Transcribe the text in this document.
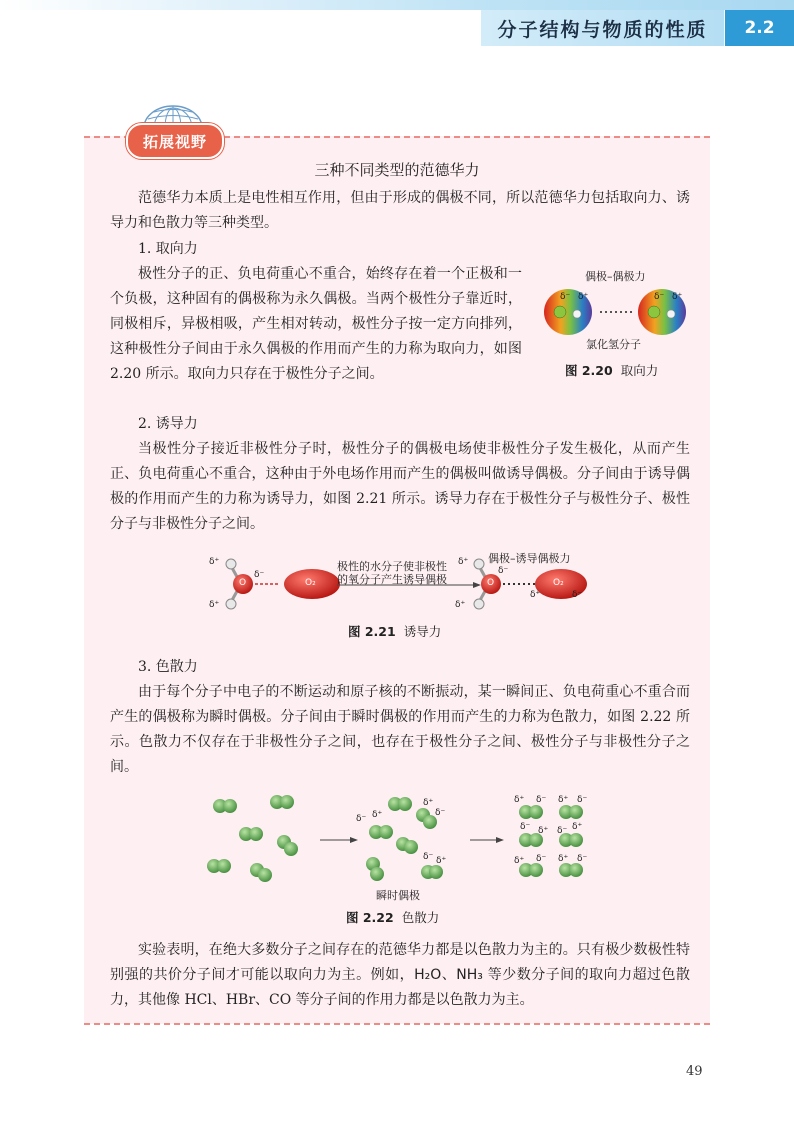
分子结构与物质的性质	2.2
拓展视野
三种不同类型的范德华力

范德华力本质上是电性相互作用，但由于形成的偶极不同，所以范德华力包括取向力、诱导力和色散力等三种类型。

1. 取向力

极性分子的正、负电荷重心不重合，始终存在着一个正极和一个负极，这种固有的偶极称为永久偶极。当两个极性分子靠近时，同极相斥，异极相吸，产生相对转动，极性分子按一定方向排列，这种极性分子间由于永久偶极的作用而产生的力称为取向力，如图 2.20 所示。取向力只存在于极性分子之间。

偶极–偶极力
δ⁻ δ⁺	δ⁻ δ⁺
氯化氢分子
图 2.20 取向力

2. 诱导力

当极性分子接近非极性分子时，极性分子的偶极电场使非极性分子发生极化，从而产生正、负电荷重心不重合，这种由于外电场作用而产生的偶极叫做诱导偶极。分子间由于诱导偶极的作用而产生的力称为诱导力，如图 2.21 所示。诱导力存在于极性分子与极性分子、极性分子与非极性分子之间。

O	O₂	O	O₂
δ⁺
δ⁻
δ⁺
δ⁺
δ⁻
δ⁺
δ⁺	δ⁻
极性的水分子使非极性
的氧分子产生诱导偶极
偶极–诱导偶极力
图 2.21 诱导力

3. 色散力

由于每个分子中电子的不断运动和原子核的不断振动，某一瞬间正、负电荷重心不重合而产生的偶极称为瞬时偶极。分子间由于瞬时偶极的作用而产生的力称为色散力，如图 2.22 所示。色散力不仅存在于非极性分子之间，也存在于极性分子之间、极性分子与非极性分子之间。

δ⁻ δ⁺
δ⁺
δ⁻
δ⁻ δ⁺
δ⁺ δ⁻ δ⁺ δ⁻
δ⁻ δ⁺ δ⁻ δ⁺
δ⁺ δ⁻ δ⁺ δ⁻
瞬时偶极
图 2.22 色散力

实验表明，在绝大多数分子之间存在的范德华力都是以色散力为主的。只有极少数极性特别强的共价分子间才可能以取向力为主。例如，H₂O、NH₃ 等少数分子间的取向力超过色散力，其他像 HCl、HBr、CO 等分子间的作用力都是以色散力为主。

49
